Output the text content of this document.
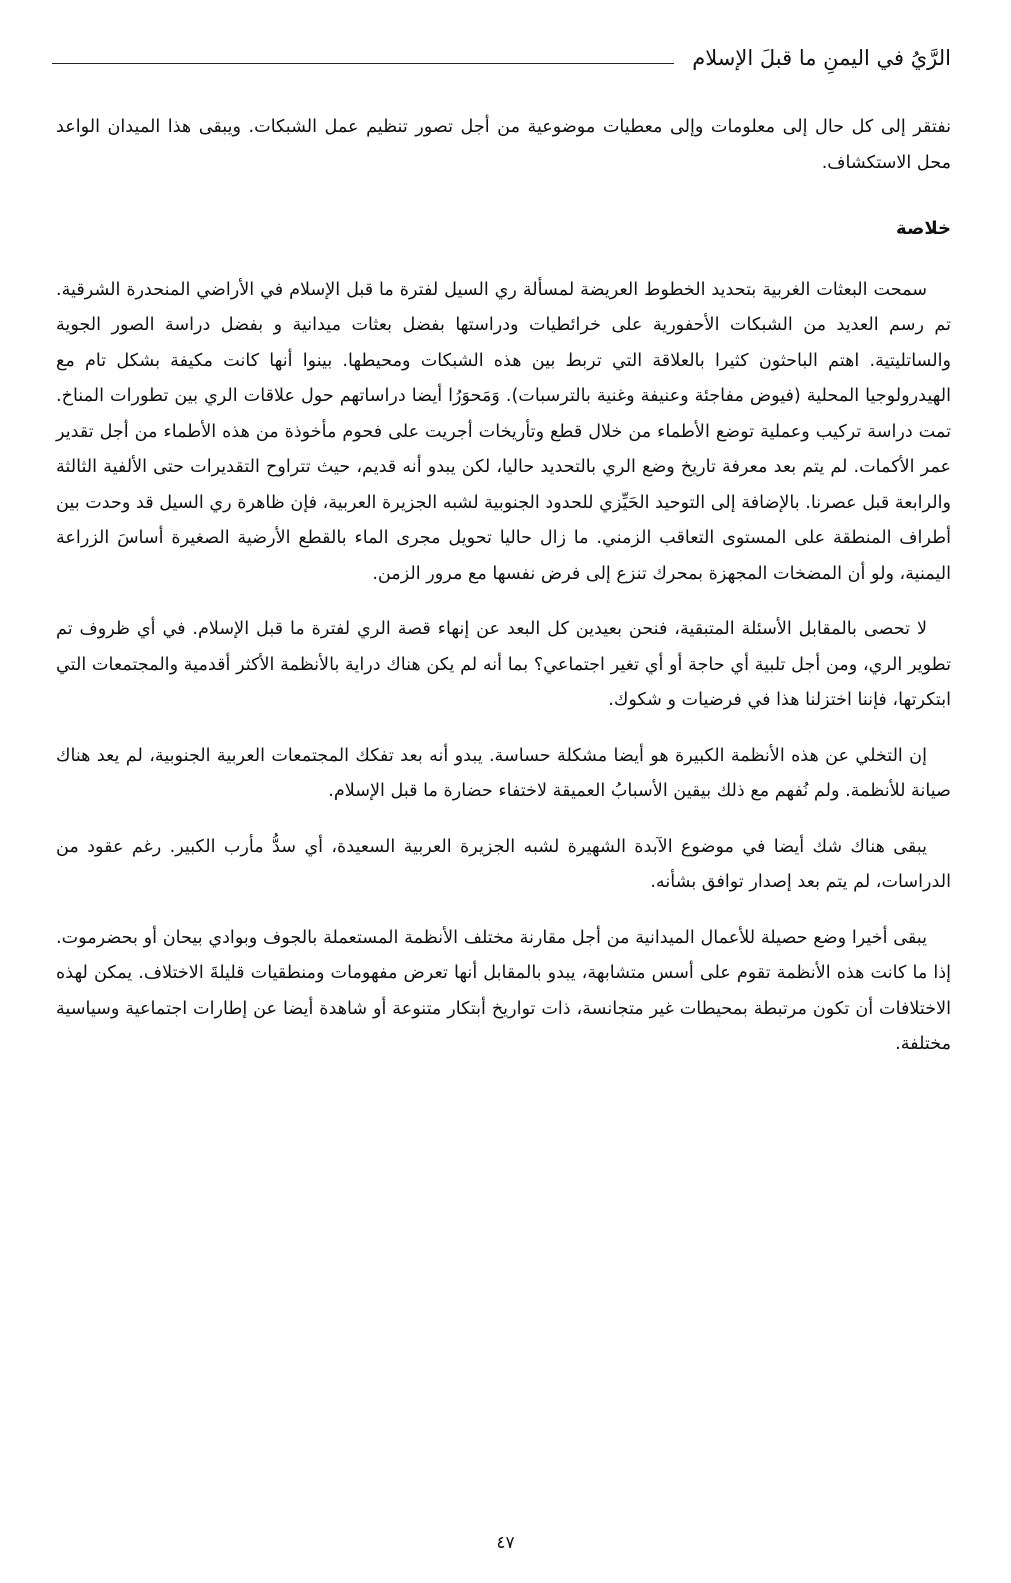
الرَّيُ في اليمنِ ما قبلَ الإسلام

نفتقر إلى كل حال إلى معلومات وإلى معطيات موضوعية من أجل تصور تنظيم عمل الشبكات. ويبقى هذا الميدان الواعد محل الاستكشاف.

خلاصة

سمحت البعثات الغربية بتحديد الخطوط العريضة لمسألة ري السيل لفترة ما قبل الإسلام في الأراضي المنحدرة الشرقية. تم رسم العديد من الشبكات الأحفورية على خرائطيات ودراستها بفضل بعثات ميدانية و بفضل دراسة الصور الجوية والساتليتية. اهتم الباحثون كثيرا بالعلاقة التي تربط بين هذه الشبكات ومحيطها. بينوا أنها كانت مكيفة بشكل تام مع الهيدرولوجيا المحلية (فيوض مفاجئة وعنيفة وغنية بالترسبات). وَمَحوَرُا أيضا دراساتهم حول علاقات الري بين تطورات المناخ. تمت دراسة تركيب وعملية توضع الأطماء من خلال قطع وتأريخات أجريت على فحوم مأخوذة من هذه الأطماء من أجل تقدير عمر الأكمات. لم يتم بعد معرفة تاريخ وضع الري بالتحديد حاليا، لكن يبدو أنه قديم، حيث تتراوح التقديرات حتى الألفية الثالثة والرابعة قبل عصرنا. بالإضافة إلى التوحيد الحَيِّزي للحدود الجنوبية لشبه الجزيرة العربية، فإن ظاهرة ري السيل قد وحدت بين أطراف المنطقة على المستوى التعاقب الزمني. ما زال حاليا تحويل مجرى الماء بالقطع الأرضية الصغيرة أساسَ الزراعة اليمنية، ولو أن المضخات المجهزة بمحرك تنزع إلى فرض نفسها مع مرور الزمن.

لا تحصى بالمقابل الأسئلة المتبقية، فنحن بعيدين كل البعد عن إنهاء قصة الري لفترة ما قبل الإسلام. في أي ظروف تم تطوير الري، ومن أجل تلبية أي حاجة أو أي تغير اجتماعي؟ بما أنه لم يكن هناك دراية بالأنظمة الأكثر أقدمية والمجتمعات التي ابتكرتها، فإننا اختزلنا هذا في فرضيات و شكوك.

إن التخلي عن هذه الأنظمة الكبيرة هو أيضا مشكلة حساسة. يبدو أنه بعد تفكك المجتمعات العربية الجنوبية، لم يعد هناك صيانة للأنظمة. ولم نُفهم مع ذلك بيقين الأسبابُ العميقة لاختفاء حضارة ما قبل الإسلام.

يبقى هناك شك أيضا في موضوع الآبدة الشهيرة لشبه الجزيرة العربية السعيدة، أي سدُّ مأرب الكبير. رغم عقود من الدراسات، لم يتم بعد إصدار توافق بشأنه.

يبقى أخيرا وضع حصيلة للأعمال الميدانية من أجل مقارنة مختلف الأنظمة المستعملة بالجوف وبوادي بيحان أو بحضرموت. إذا ما كانت هذه الأنظمة تقوم على أسس متشابهة، يبدو بالمقابل أنها تعرض مفهومات ومنطقيات قليلةَ الاختلاف. يمكن لهذه الاختلافات أن تكون مرتبطة بمحيطات غير متجانسة، ذات تواريخ أبتكار متنوعة أو شاهدة أيضا عن إطارات اجتماعية وسياسية مختلفة.

٤٧
